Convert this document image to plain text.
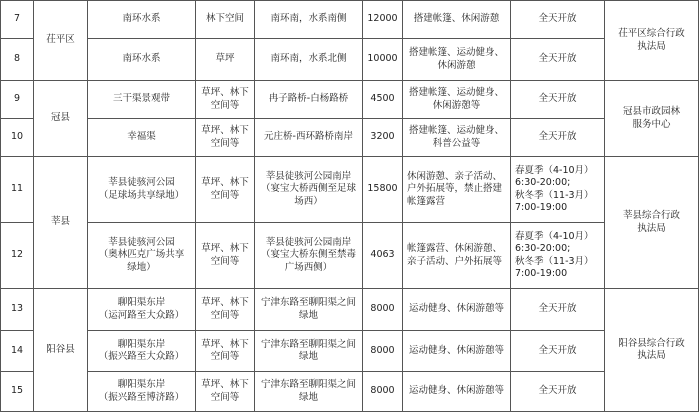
7	茌平区	南环水系	林下空间	南环南，水系南侧	12000	搭建帐篷、休闲游憩	全天开放	茌平区综合行政
执法局
8		南环水系	草坪	南环南，水系北侧	10000	搭建帐篷、运动健身、
休闲游憩	全天开放	
9	冠县	三干渠景观带	草坪、林下
空间等	冉子路桥-白杨路桥	4500	搭建帐篷、运动健身、
休闲游憩等	全天开放	冠县市政园林
服务中心
10		幸福渠	草坪、林下
空间等	元庄桥-西环路桥南岸	3200	搭建帐篷、运动健身、
科普公益等	全天开放	
11	莘县	莘县徒骇河公园
（足球场共享绿地）	草坪、林下
空间等	莘县徒骇河公园南岸
（宴宝大桥西侧至足球
场西）	15800	休闲游憩、亲子活动、
户外拓展等，禁止搭建
帐篷露营	春夏季（4-10月）
6:30-20:00;
秋冬季（11-3月）
7:00-19:00	莘县综合行政
执法局
12		莘县徒骇河公园
（奥林匹克广场共享
绿地）	草坪、林下
空间等	莘县徒骇河公园南岸
（宴宝大桥东侧至禁毒
广场西侧）	4063	帐篷露营、休闲游憩、
亲子活动、户外拓展等	春夏季（4-10月）
6:30-20:00;
秋冬季（11-3月）
7:00-19:00	
13	阳谷县	聊阳渠东岸
（运河路至大众路）	草坪、林下
空间等	宁津东路至聊阳渠之间
绿地	8000	运动健身、休闲游憩等	全天开放	阳谷县综合行政
执法局
14		聊阳渠东岸
（振兴路至大众路）	草坪、林下
空间等	宁津东路至聊阳渠之间
绿地	8000	运动健身、休闲游憩等	全天开放	
15		聊阳渠东岸
（振兴路至博济路）	草坪、林下
空间等	宁津东路至聊阳渠之间
绿地	8000	运动健身、休闲游憩等	全天开放	
